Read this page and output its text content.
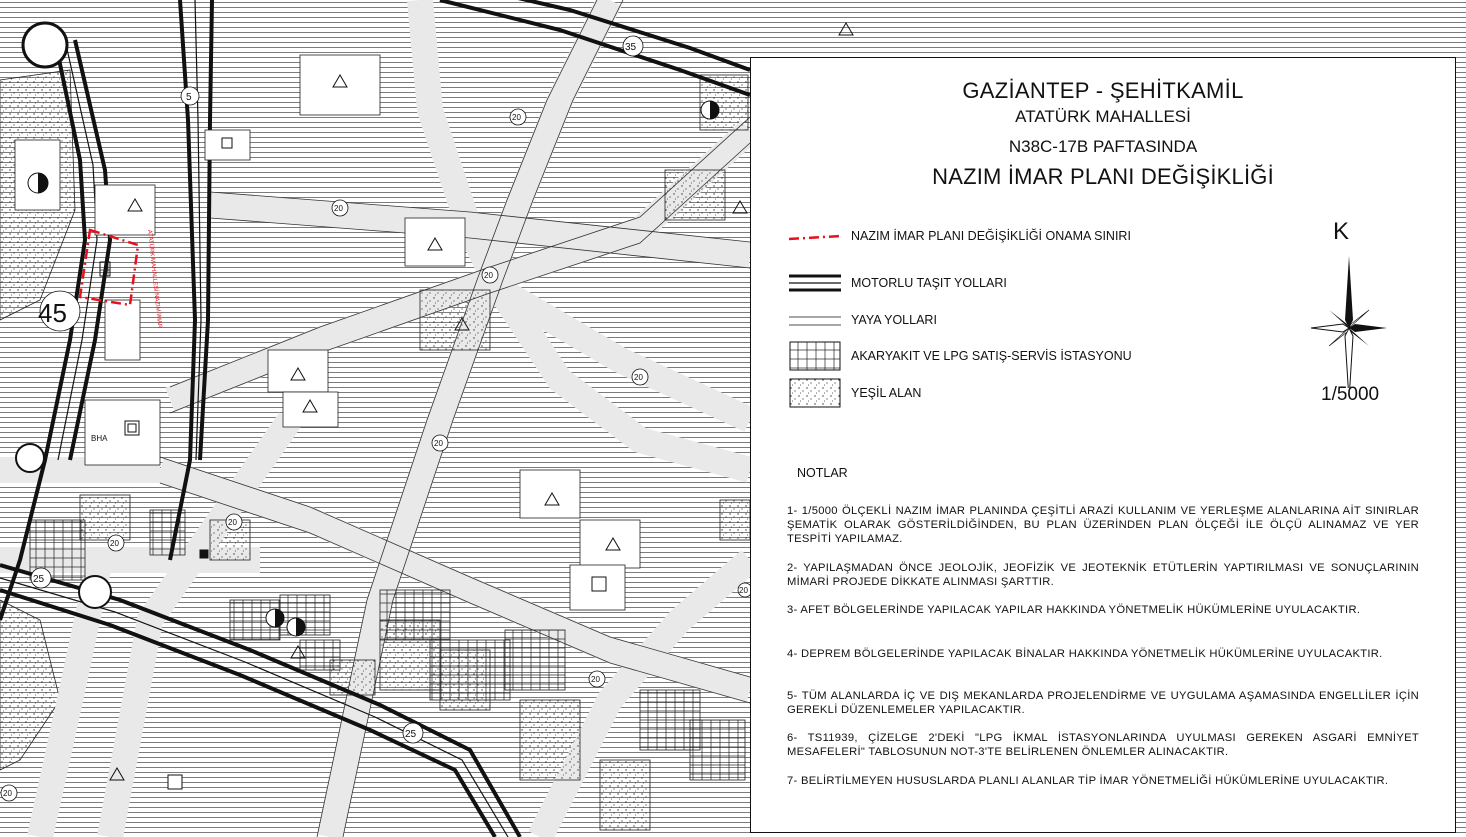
ATATÜRK MAHALLESİ NAZIM İMAR
20
20
20
20
20
20
20
20
20
20
35
25
25
5
45
BHA
GAZİANTEP - ŞEHİTKAMİL
ATATÜRK MAHALLESİ
N38C-17B PAFTASINDA
NAZIM İMAR PLANI DEĞİŞİKLİĞİ
NAZIM İMAR PLANI DEĞİŞİKLİĞİ ONAMA SINIRI
MOTORLU TAŞIT YOLLARI
YAYA YOLLARI
AKARYAKIT VE LPG SATIŞ-SERVİS İSTASYONU
YEŞİL ALAN
K
1/5000
NOTLAR
1- 1/5000 ÖLÇEKLİ NAZIM İMAR PLANINDA ÇEŞİTLİ ARAZİ KULLANIM VE YERLEŞME ALANLARINA AİT SINIRLAR ŞEMATİK OLARAK GÖSTERİLDİĞİNDEN, BU PLAN ÜZERİNDEN PLAN ÖLÇEĞİ İLE ÖLÇÜ ALINAMAZ VE YER TESPİTİ YAPILAMAZ.
2- YAPILAŞMADAN ÖNCE JEOLOJİK, JEOFİZİK VE JEOTEKNİK ETÜTLERİN YAPTIRILMASI VE SONUÇLARININ MİMARİ PROJEDE DİKKATE ALINMASI ŞARTTIR.
3- AFET BÖLGELERİNDE YAPILACAK YAPILAR HAKKINDA YÖNETMELİK HÜKÜMLERİNE UYULACAKTIR.
4- DEPREM BÖLGELERİNDE YAPILACAK BİNALAR HAKKINDA YÖNETMELİK HÜKÜMLERİNE UYULACAKTIR.
5- TÜM ALANLARDA İÇ VE DIŞ MEKANLARDA PROJELENDİRME VE UYGULAMA AŞAMASINDA ENGELLİLER İÇİN GEREKLİ DÜZENLEMELER YAPILACAKTIR.
6- TS11939, ÇİZELGE 2'DEKİ "LPG İKMAL İSTASYONLARINDA UYULMASI GEREKEN ASGARİ EMNİYET MESAFELERİ" TABLOSUNUN NOT-3'TE BELİRLENEN ÖNLEMLER ALINACAKTIR.
7- BELİRTİLMEYEN HUSUSLARDA PLANLI ALANLAR TİP İMAR YÖNETMELİĞİ HÜKÜMLERİNE UYULACAKTIR.
